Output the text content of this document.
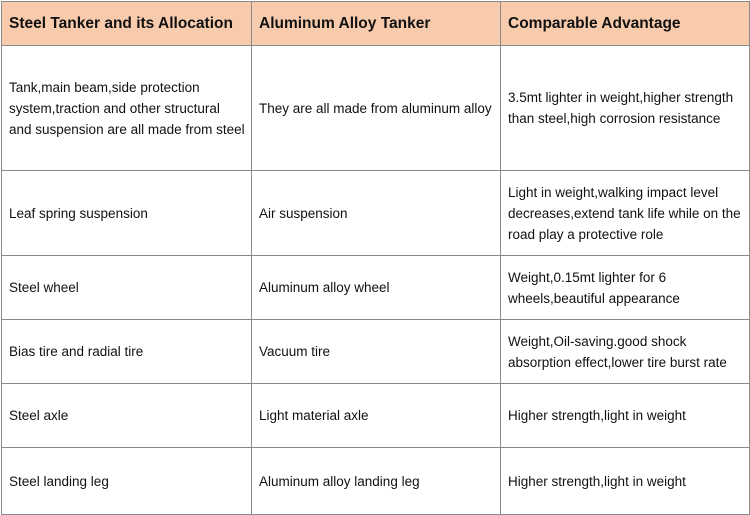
Steel Tanker and its Allocation	Aluminum Alloy Tanker	Comparable Advantage
Tank,main beam,side protection system,traction and other structural and suspension are all made from steel	They are all made from aluminum alloy	3.5mt lighter in weight,higher strength than steel,high corrosion resistance
Leaf spring suspension	Air suspension	Light in weight,walking impact level decreases,extend tank life while on the road play a protective role
Steel wheel	Aluminum alloy wheel	Weight,0.15mt lighter for 6 wheels,beautiful appearance
Bias tire and radial tire	Vacuum tire	Weight,Oil-saving.good shock absorption effect,lower tire burst rate
Steel axle	Light material axle	Higher strength,light in weight
Steel landing leg	Aluminum alloy landing leg	Higher strength,light in weight
